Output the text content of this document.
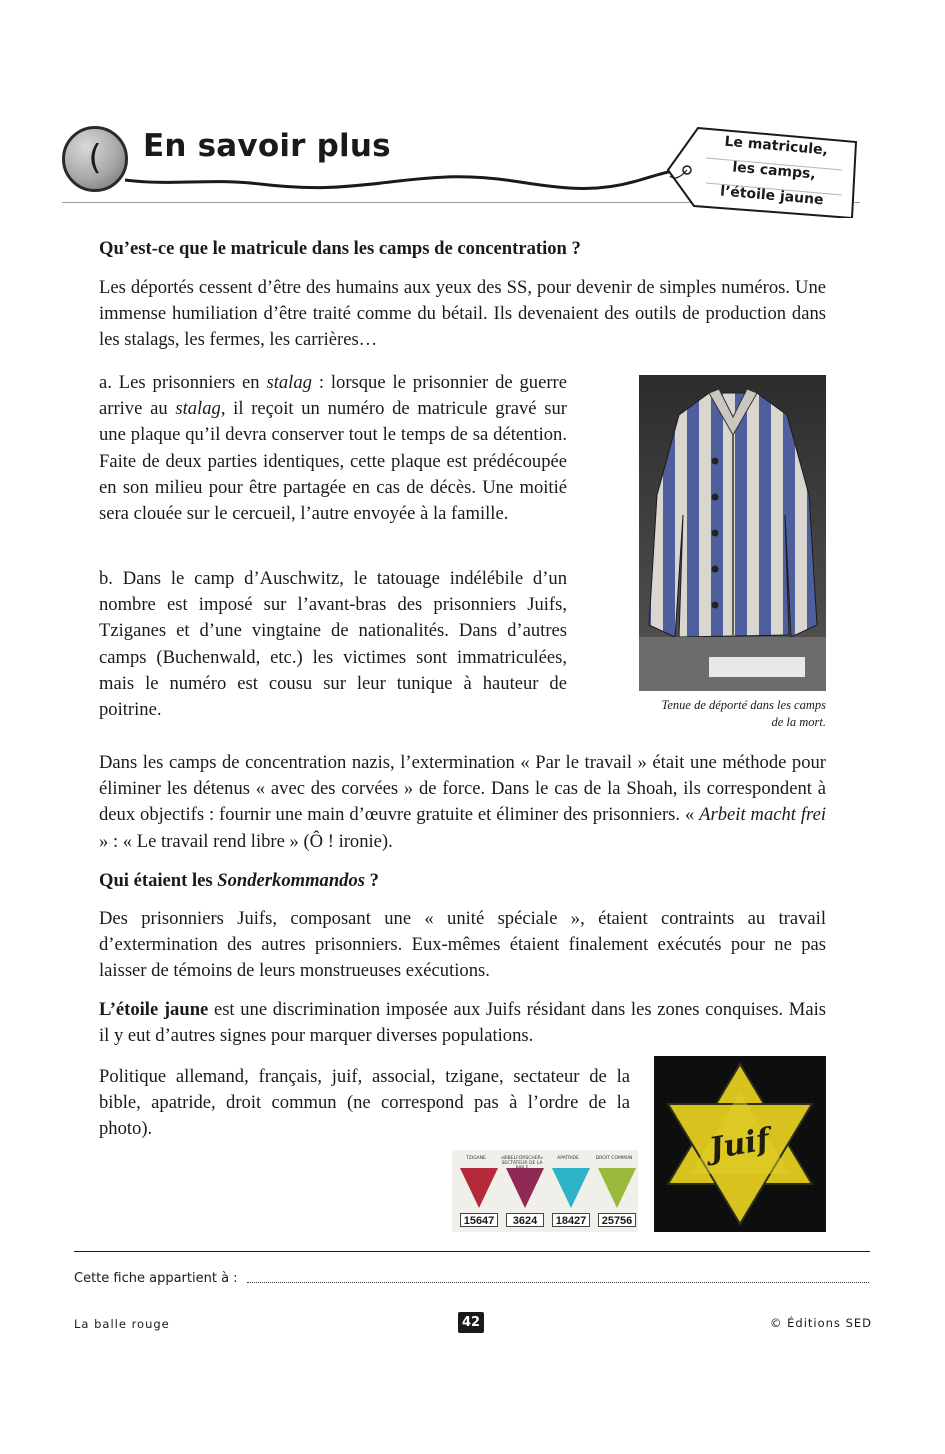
(	En savoir plus	Le matricule,
les camps,
l’étoile jaune
Qu’est-ce que le matricule dans les camps de concentration ?
Les déportés cessent d’être des humains aux yeux des SS, pour devenir de simples numéros. Une immense humiliation d’être traité comme du bétail. Ils devenaient des outils de production dans les stalags, les fermes, les carrières…
a. Les prisonniers en stalag : lorsque le prisonnier de guerre arrive au stalag, il reçoit un numéro de matricule gravé sur une plaque qu’il devra conserver tout le temps de sa détention. Faite de deux parties identiques, cette plaque est prédécoupée en son milieu pour être partagée en cas de décès. Une moitié sera clouée sur le cercueil, l’autre envoyée à la famille.
b. Dans le camp d’Auschwitz, le tatouage indélébile d’un nombre est imposé sur l’avant-bras des prisonniers Juifs, Tziganes et d’une vingtaine de nationalités. Dans d’autres camps (Buchenwald, etc.) les victimes sont immatriculées, mais le numéro est cousu sur leur tunique à hauteur de poitrine.	Tenue de déporté dans les camps de la mort.
Dans les camps de concentration nazis, l’extermination « Par le travail » était une méthode pour éliminer les détenus « avec des corvées » de force. Dans le cas de la Shoah, ils correspondent à deux objectifs : fournir une main d’œuvre gratuite et éliminer des prisonniers. « Arbeit macht frei » : « Le travail rend libre » (Ô ! ironie).
Qui étaient les Sonderkommandos ?
Des prisonniers Juifs, composant une « unité spéciale », étaient contraints au travail d’extermination des autres prisonniers. Eux-mêmes étaient finalement exécutés pour ne pas laisser de témoins de leurs monstrueuses exécutions.
L’étoile jaune est une discrimination imposée aux Juifs résidant dans les zones conquises. Mais il y eut d’autres signes pour marquer diverses populations.
Politique allemand, français, juif, associal, tzigane, sectateur de la bible, apatride, droit commun (ne correspond pas à l’ordre de la photo).
TZIGANE	«BIBELFORSCHER» SECTATEUR DE LA
APATRIDE	DROIT COMMUN
15647	3624	18427	25756
Juif
Cette fiche appartient à :
La balle rouge	42	© Éditions SED
